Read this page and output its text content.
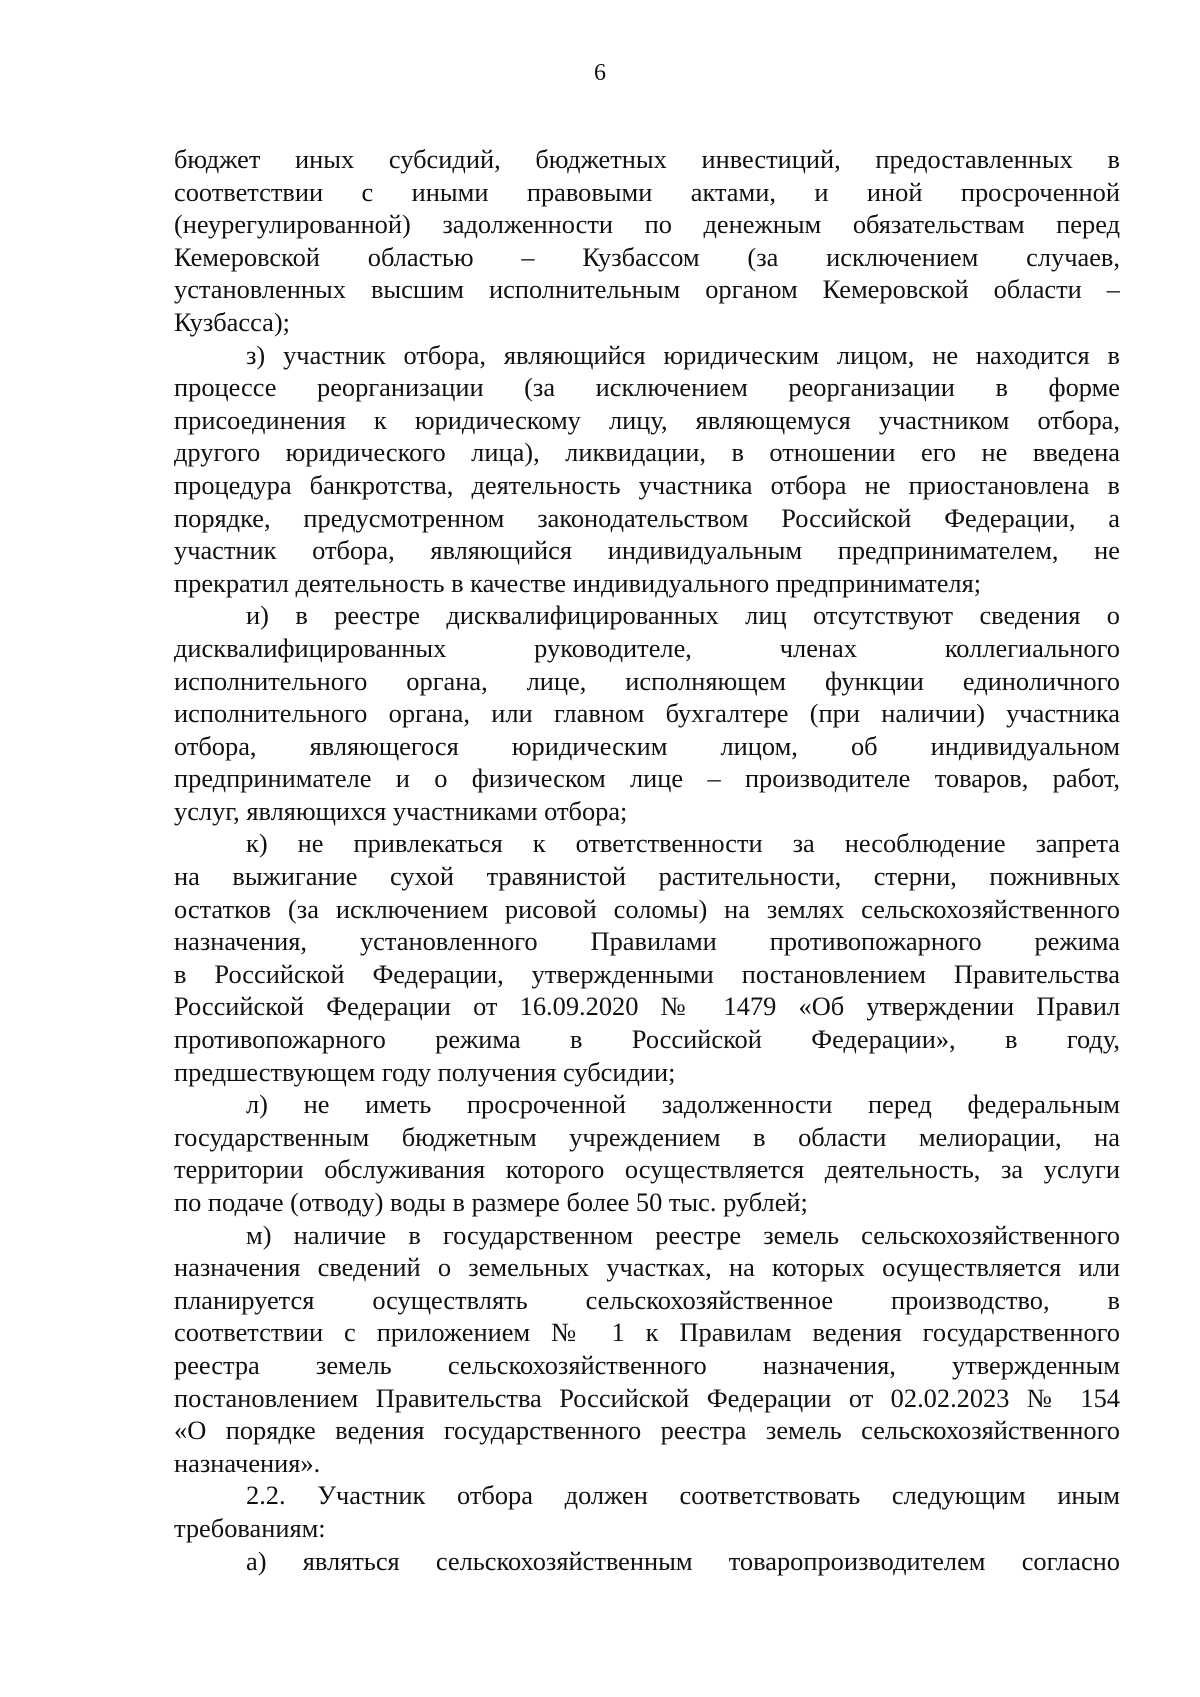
6
бюджет иных субсидий, бюджетных инвестиций, предоставленных в
соответствии с иными правовыми актами, и иной просроченной
(неурегулированной) задолженности по денежным обязательствам перед
Кемеровской областью – Кузбассом (за исключением случаев,
установленных высшим исполнительным органом Кемеровской области –
Кузбасса);
з) участник отбора, являющийся юридическим лицом, не находится в
процессе реорганизации (за исключением реорганизации в форме
присоединения к юридическому лицу, являющемуся участником отбора,
другого юридического лица), ликвидации, в отношении его не введена
процедура банкротства, деятельность участника отбора не приостановлена в
порядке, предусмотренном законодательством Российской Федерации, а
участник отбора, являющийся индивидуальным предпринимателем, не
прекратил деятельность в качестве индивидуального предпринимателя;
и) в реестре дисквалифицированных лиц отсутствуют сведения о
дисквалифицированных руководителе, членах коллегиального
исполнительного органа, лице, исполняющем функции единоличного
исполнительного органа, или главном бухгалтере (при наличии) участника
отбора, являющегося юридическим лицом, об индивидуальном
предпринимателе и о физическом лице – производителе товаров, работ,
услуг, являющихся участниками отбора;
к) не привлекаться к ответственности за несоблюдение запрета
на выжигание сухой травянистой растительности, стерни, пожнивных
остатков (за исключением рисовой соломы) на землях сельскохозяйственного
назначения, установленного Правилами противопожарного режима
в Российской Федерации, утвержденными постановлением Правительства
Российской Федерации от 16.09.2020 № 1479 «Об утверждении Правил
противопожарного режима в Российской Федерации», в году,
предшествующем году получения субсидии;
л) не иметь просроченной задолженности перед федеральным
государственным бюджетным учреждением в области мелиорации, на
территории обслуживания которого осуществляется деятельность, за услуги
по подаче (отводу) воды в размере более 50 тыс. рублей;
м) наличие в государственном реестре земель сельскохозяйственного
назначения сведений о земельных участках, на которых осуществляется или
планируется осуществлять сельскохозяйственное производство, в
соответствии с приложением № 1 к Правилам ведения государственного
реестра земель сельскохозяйственного назначения, утвержденным
постановлением Правительства Российской Федерации от 02.02.2023 № 154
«О порядке ведения государственного реестра земель сельскохозяйственного
назначения».
2.2. Участник отбора должен соответствовать следующим иным
требованиям:
а) являться сельскохозяйственным товаропроизводителем согласно
